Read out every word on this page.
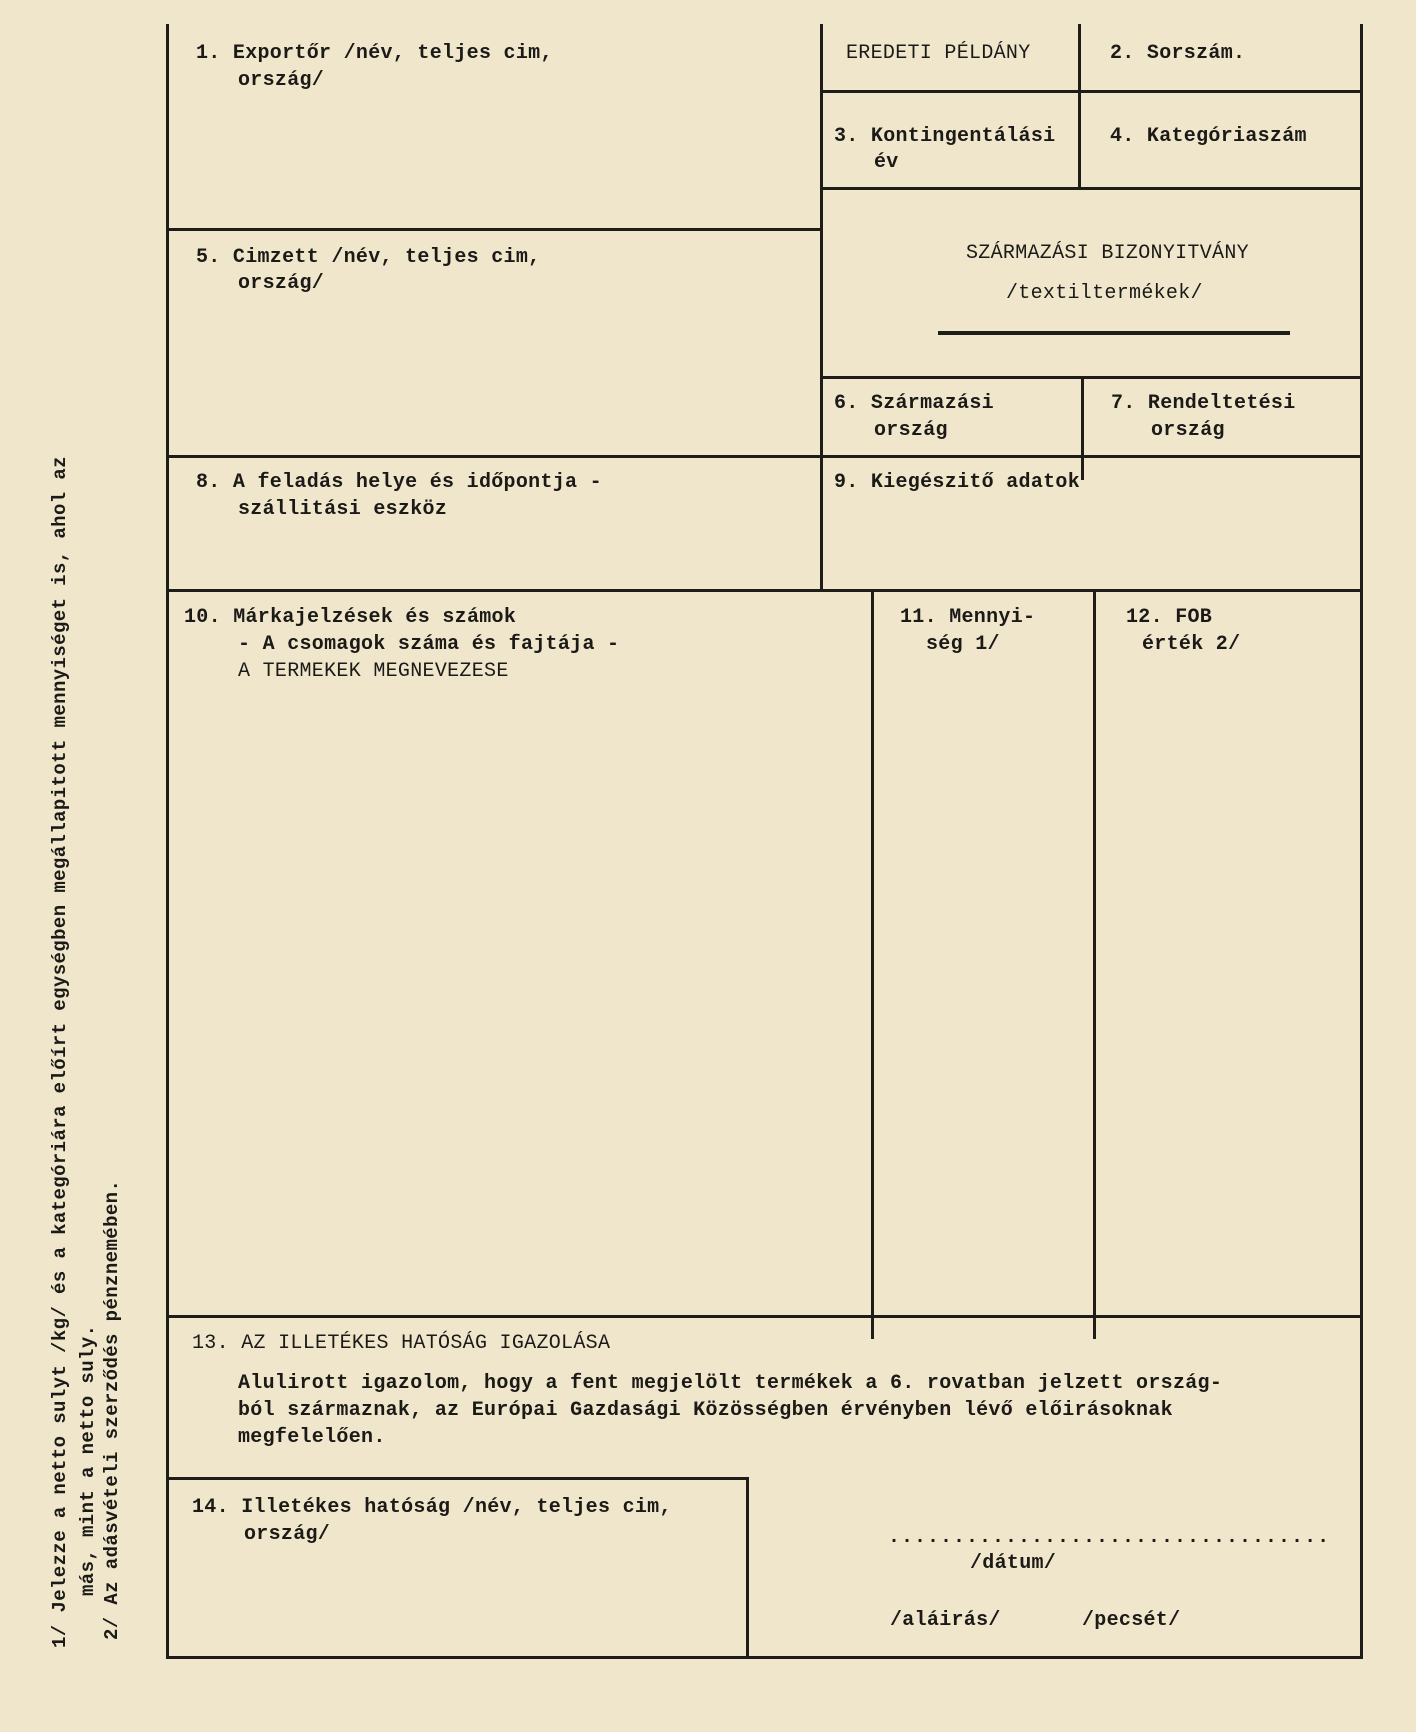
1/ Jelezze a netto sulyt /kg/ és a kategóriára előírt egységben megállapitott mennyiséget is, ahol az más, mint a netto suly. 2/ Az adásvételi szerződés pénznemében.
1. Exportőr /név, teljes cim,
ország/
EREDETI PÉLDÁNY	2. Sorszám.
3. Kontingentálási
év
4. Kategóriaszám
5. Cimzett /név, teljes cim,
ország/
SZÁRMAZÁSI BIZONYITVÁNY
/textiltermékek/
6. Származási
ország
7. Rendeltetési
ország
8. A feladás helye és időpontja -
szállitási eszköz
9. Kiegészitő adatok
10. Márkajelzések és számok
- A csomagok száma és fajtája -
A TERMEKEK MEGNEVEZESE
11. Mennyi-
ség 1/
12. FOB
érték 2/
13. AZ ILLETÉKES HATÓSÁG IGAZOLÁSA
Alulirott igazolom, hogy a fent megjelölt termékek a 6. rovatban jelzett ország-
ból származnak, az Európai Gazdasági Közösségben érvényben lévő előirásoknak
megfelelően.
14. Illetékes hatóság /név, teljes cim,
ország/	..................................
/dátum/
/aláirás/	/pecsét/
